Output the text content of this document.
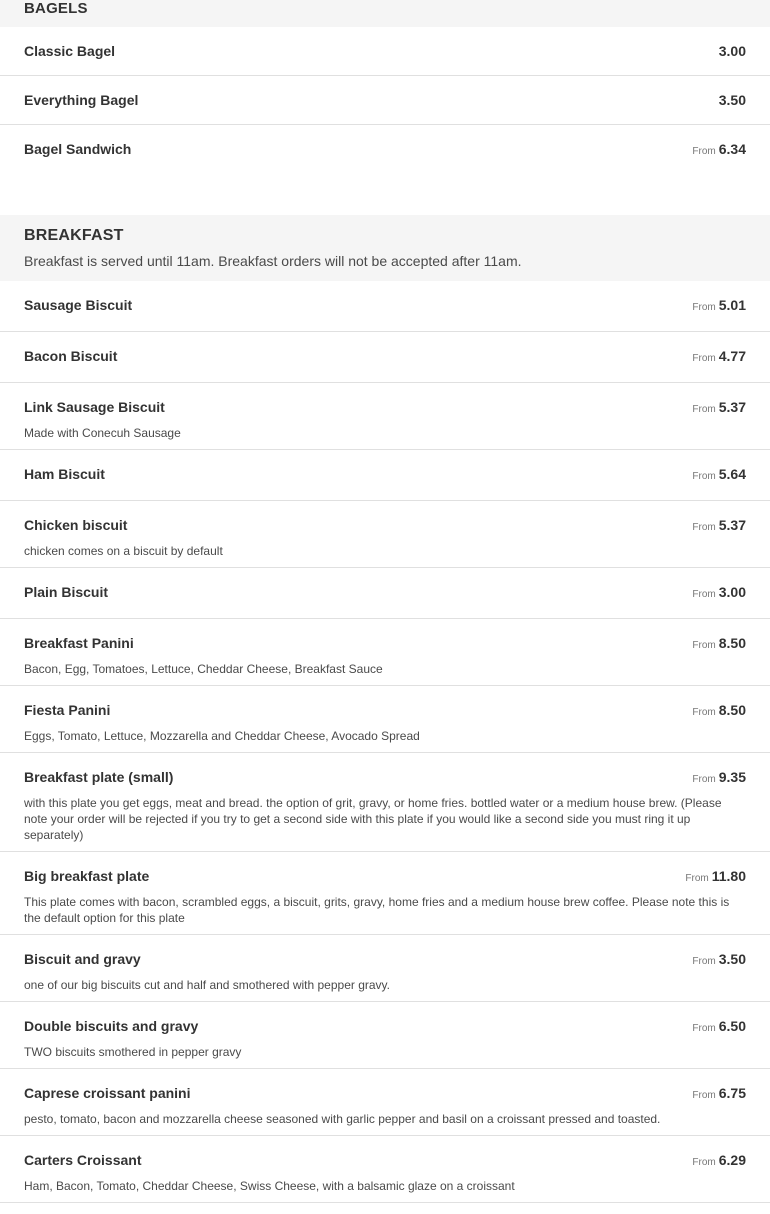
BAGELS
Classic Bagel	3.00
Everything Bagel	3.50
Bagel Sandwich	From 6.34
BREAKFAST
Breakfast is served until 11am. Breakfast orders will not be accepted after 11am.
Sausage Biscuit	From 5.01
Bacon Biscuit	From 4.77
Link Sausage Biscuit	From 5.37
Made with Conecuh Sausage
Ham Biscuit	From 5.64
Chicken biscuit	From 5.37
chicken comes on a biscuit by default
Plain Biscuit	From 3.00
Breakfast Panini	From 8.50
Bacon, Egg, Tomatoes, Lettuce, Cheddar Cheese, Breakfast Sauce
Fiesta Panini	From 8.50
Eggs, Tomato, Lettuce, Mozzarella and Cheddar Cheese, Avocado Spread
Breakfast plate (small)	From 9.35
with this plate you get eggs, meat and bread. the option of grit, gravy, or home fries. bottled water or a medium house brew. (Please note your order will be rejected if you try to get a second side with this plate if you would like a second side you must ring it up separately)
Big breakfast plate	From 11.80
This plate comes with bacon, scrambled eggs, a biscuit, grits, gravy, home fries and a medium house brew coffee. Please note this is the default option for this plate
Biscuit and gravy	From 3.50
one of our big biscuits cut and half and smothered with pepper gravy.
Double biscuits and gravy	From 6.50
TWO biscuits smothered in pepper gravy
Caprese croissant panini	From 6.75
pesto, tomato, bacon and mozzarella cheese seasoned with garlic pepper and basil on a croissant pressed and toasted.
Carters Croissant	From 6.29
Ham, Bacon, Tomato, Cheddar Cheese, Swiss Cheese, with a balsamic glaze on a croissant
